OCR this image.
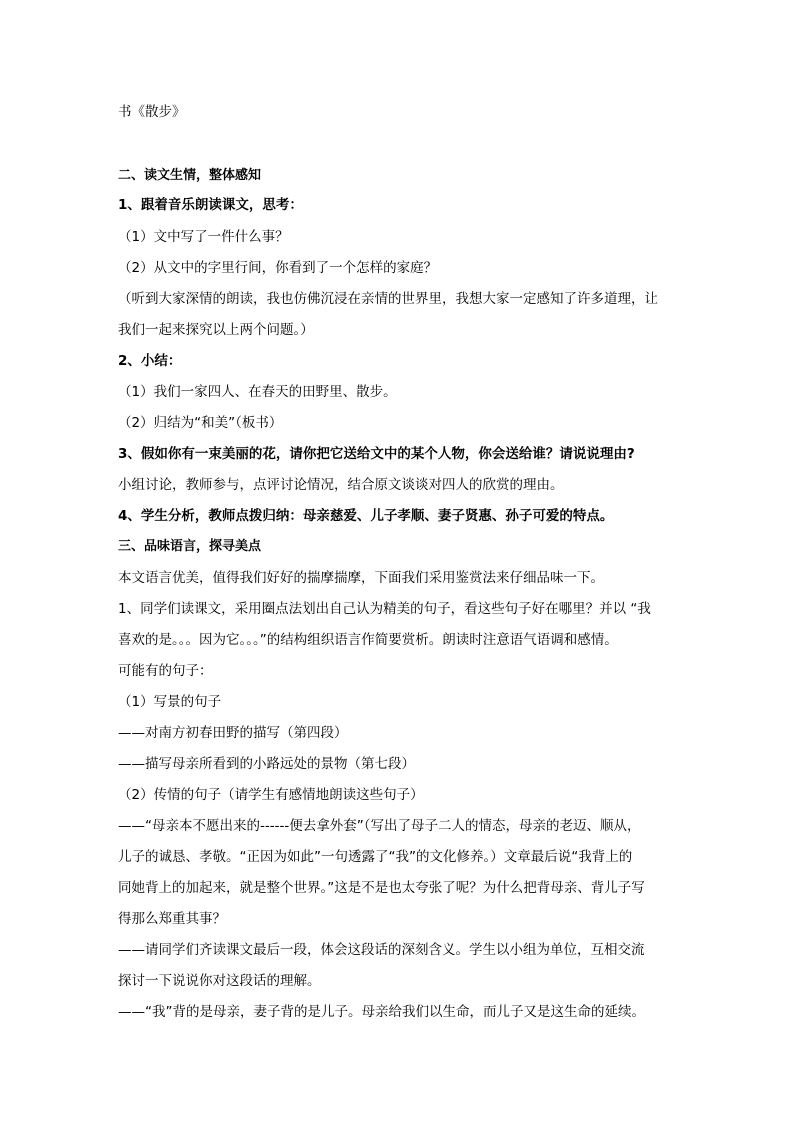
书《散步》
二、读文生情，整体感知
1、跟着音乐朗读课文，思考：
（1）文中写了一件什么事？
（2）从文中的字里行间，你看到了一个怎样的家庭？
（听到大家深情的朗读，我也仿佛沉浸在亲情的世界里，我想大家一定感知了许多道理，让
我们一起来探究以上两个问题。）
2、小结：
（1）我们一家四人、在春天的田野里、散步。
（2）归结为“和美”（板书）
3、假如你有一束美丽的花，请你把它送给文中的某个人物，你会送给谁？请说说理由?
小组讨论，教师参与，点评讨论情况，结合原文谈谈对四人的欣赏的理由。
4、学生分析，教师点拨归纳：母亲慈爱、儿子孝顺、妻子贤惠、孙子可爱的特点。
三、品味语言，探寻美点
本文语言优美，值得我们好好的揣摩揣摩，下面我们采用鉴赏法来仔细品味一下。
1、同学们读课文，采用圈点法划出自己认为精美的句子，看这些句子好在哪里？并以 “我
喜欢的是。。。因为它。。。”的结构组织语言作简要赏析。朗读时注意语气语调和感情。
可能有的句子：
（1）写景的句子
——对南方初春田野的描写（第四段）
——描写母亲所看到的小路远处的景物（第七段）
（2）传情的句子（请学生有感情地朗读这些句子）
——“母亲本不愿出来的------便去拿外套”（写出了母子二人的情态，母亲的老迈、顺从，
儿子的诚恳、孝敬。“正因为如此”一句透露了“我”的文化修养。）文章最后说“我背上的
同她背上的加起来，就是整个世界。”这是不是也太夸张了呢？为什么把背母亲、背儿子写
得那么郑重其事？
——请同学们齐读课文最后一段，体会这段话的深刻含义。学生以小组为单位，互相交流
探讨一下说说你对这段话的理解。
——“我”背的是母亲，妻子背的是儿子。母亲给我们以生命，而儿子又是这生命的延续。
